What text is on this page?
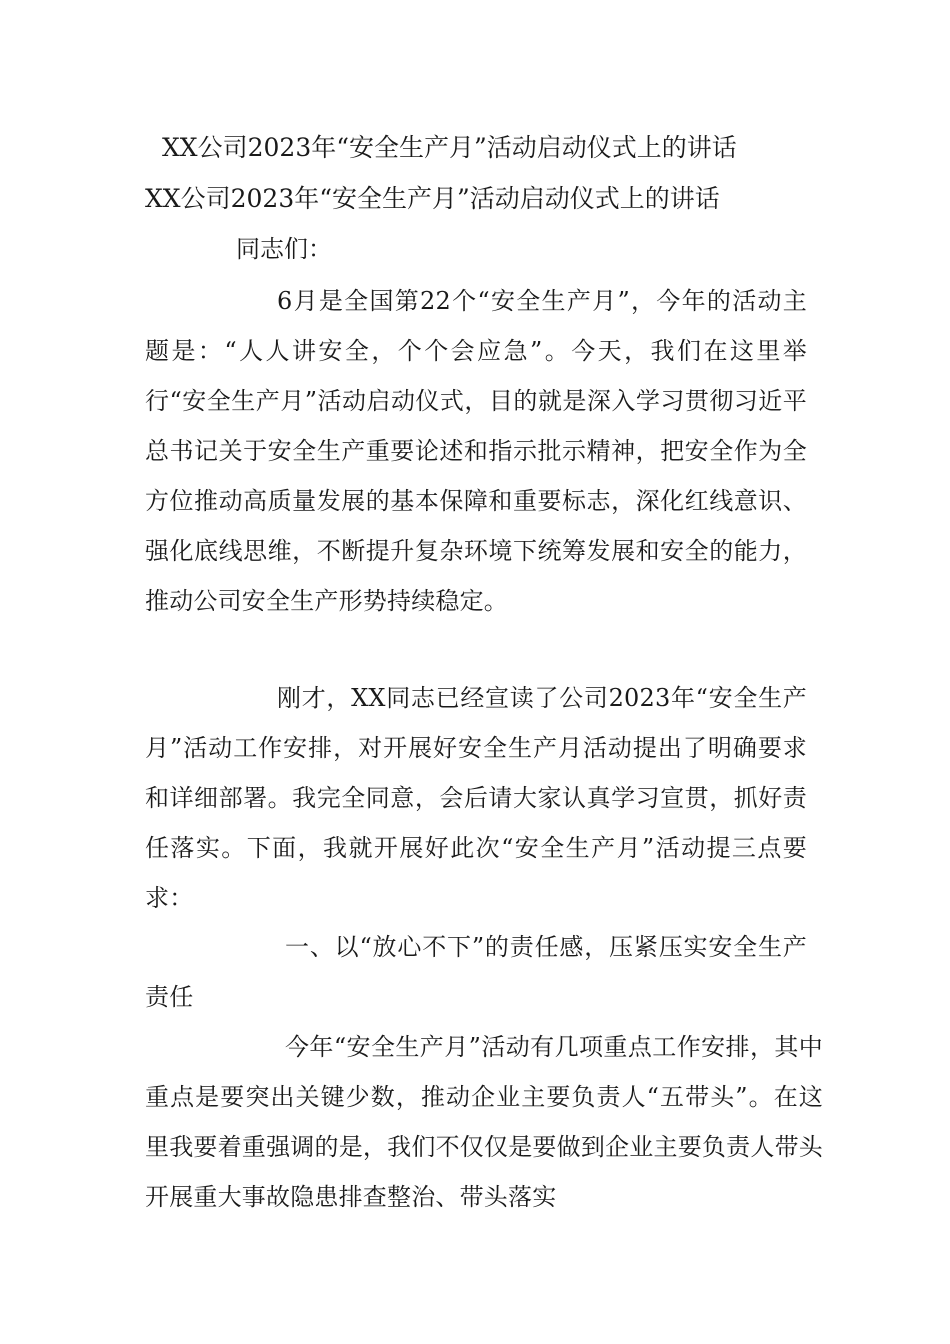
XX公司2023年“安全生产月”活动启动仪式上的讲话
XX公司2023年“安全生产月”活动启动仪式上的讲话
同志们：

6月是全国第22个“安全生产月”，今年的活动主题是：“人人讲安全，个个会应急”。今天，我们在这里举行“安全生产月”活动启动仪式，目的就是深入学习贯彻习近平总书记关于安全生产重要论述和指示批示精神，把安全作为全方位推动高质量发展的基本保障和重要标志，深化红线意识、强化底线思维，不断提升复杂环境下统筹发展和安全的能力，推动公司安全生产形势持续稳定。

刚才，XX同志已经宣读了公司2023年“安全生产月”活动工作安排，对开展好安全生产月活动提出了明确要求和详细部署。我完全同意，会后请大家认真学习宣贯，抓好责任落实。下面，我就开展好此次“安全生产月”活动提三点要求：

一、以“放心不下”的责任感，压紧压实安全生产责任

今年“安全生产月”活动有几项重点工作安排，其中重点是要突出关键少数，推动企业主要负责人“五带头”。在这里我要着重强调的是，我们不仅仅是要做到企业主要负责人带头开展重大事故隐患排查整治、带头落实
